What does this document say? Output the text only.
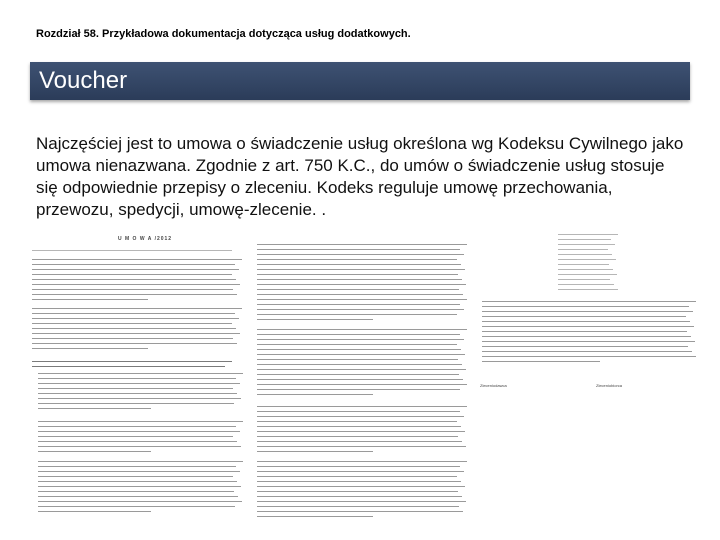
Rozdział 58. Przykładowa dokumentacja dotycząca usług dodatkowych.
Voucher
Najczęściej jest to umowa o świadczenie usług określona wg Kodeksu Cywilnego jako umowa nienazwana. Zgodnie z art. 750 K.C., do umów o świadczenie usług stosuje się odpowiednie przepisy o zleceniu. Kodeks reguluje umowę przechowania, przewozu, spedycji, umowę-zlecenie. .
U M O W A /2012
Zleceniodawca	Zleceniobiorca
